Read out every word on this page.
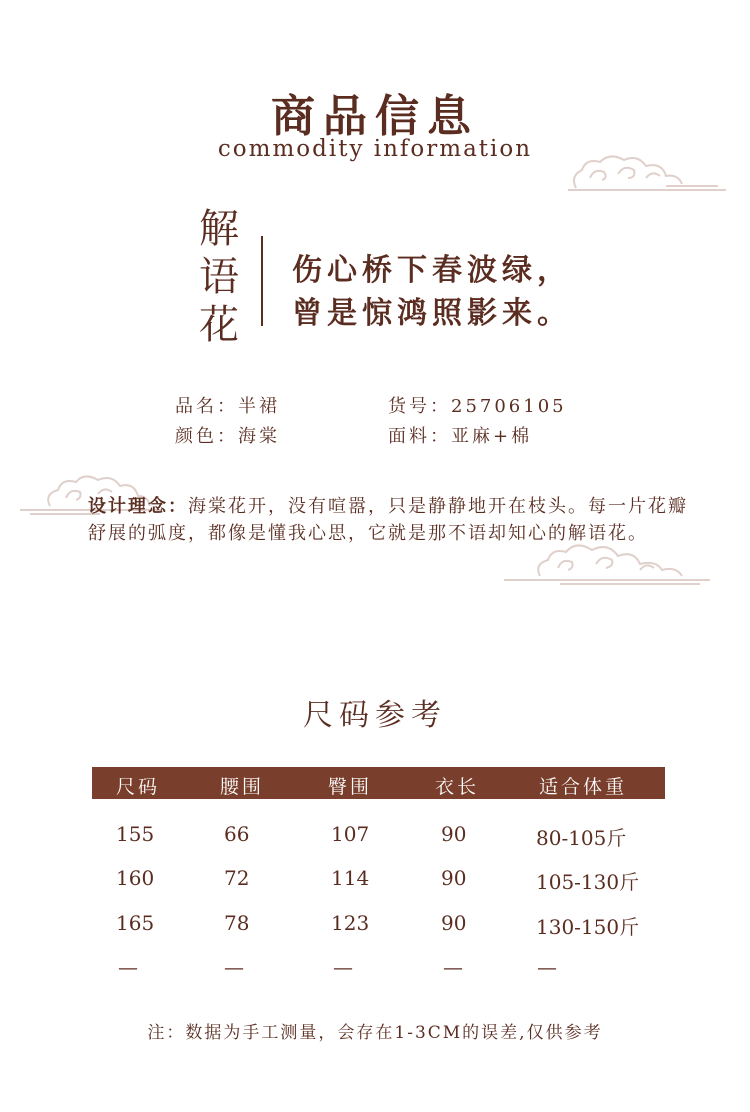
商品信息
commodity information
解
语
花
伤心桥下春波绿，
曾是惊鸿照影来。
品名：半裙
颜色：海棠
货号：25706105
面料：亚麻+棉
设计理念：海棠花开，没有喧嚣，只是静静地开在枝头。每一片花瓣舒展的弧度，都像是懂我心思，它就是那不语却知心的解语花。
尺码参考
尺码	腰围	臀围	衣长	适合体重
155	66	107	90	80-105斤
160	72	114	90	105-130斤
165	78	123	90	130-150斤
—	—	—	—	—
注：数据为手工测量，会存在1-3CM的误差,仅供参考
